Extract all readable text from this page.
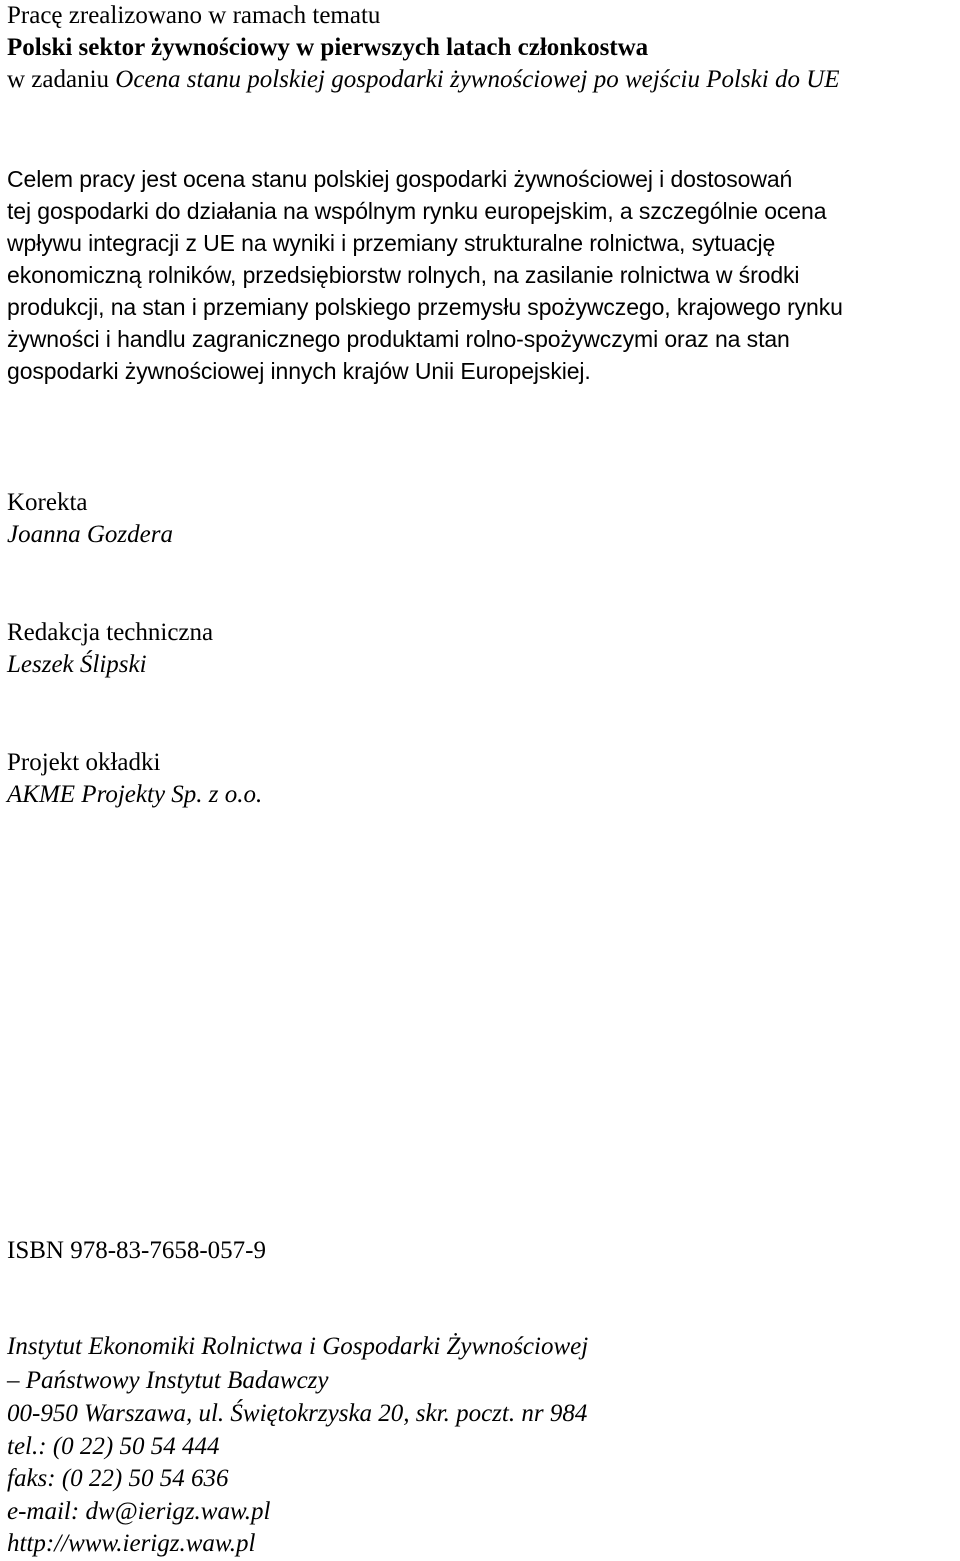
Pracę zrealizowano w ramach tematu
Polski sektor żywnościowy w pierwszych latach członkostwa
w zadaniu Ocena stanu polskiej gospodarki żywnościowej po wejściu Polski do UE
Celem pracy jest ocena stanu polskiej gospodarki żywnościowej i dostosowań
tej gospodarki do działania na wspólnym rynku europejskim, a szczególnie ocena
wpływu integracji z UE na wyniki i przemiany strukturalne rolnictwa, sytuację
ekonomiczną rolników, przedsiębiorstw rolnych, na zasilanie rolnictwa w środki
produkcji, na stan i przemiany polskiego przemysłu spożywczego, krajowego rynku
żywności i handlu zagranicznego produktami rolno-spożywczymi oraz na stan
gospodarki żywnościowej innych krajów Unii Europejskiej.
Korekta
Joanna Gozdera
Redakcja techniczna
Leszek Ślipski
Projekt okładki
AKME Projekty Sp. z o.o.
ISBN 978-83-7658-057-9
Instytut Ekonomiki Rolnictwa i Gospodarki Żywnościowej
– Państwowy Instytut Badawczy
00-950 Warszawa, ul. Świętokrzyska 20, skr. poczt. nr 984
tel.: (0 22) 50 54 444
faks: (0 22) 50 54 636
e-mail: dw@ierigz.waw.pl
http://www.ierigz.waw.pl
